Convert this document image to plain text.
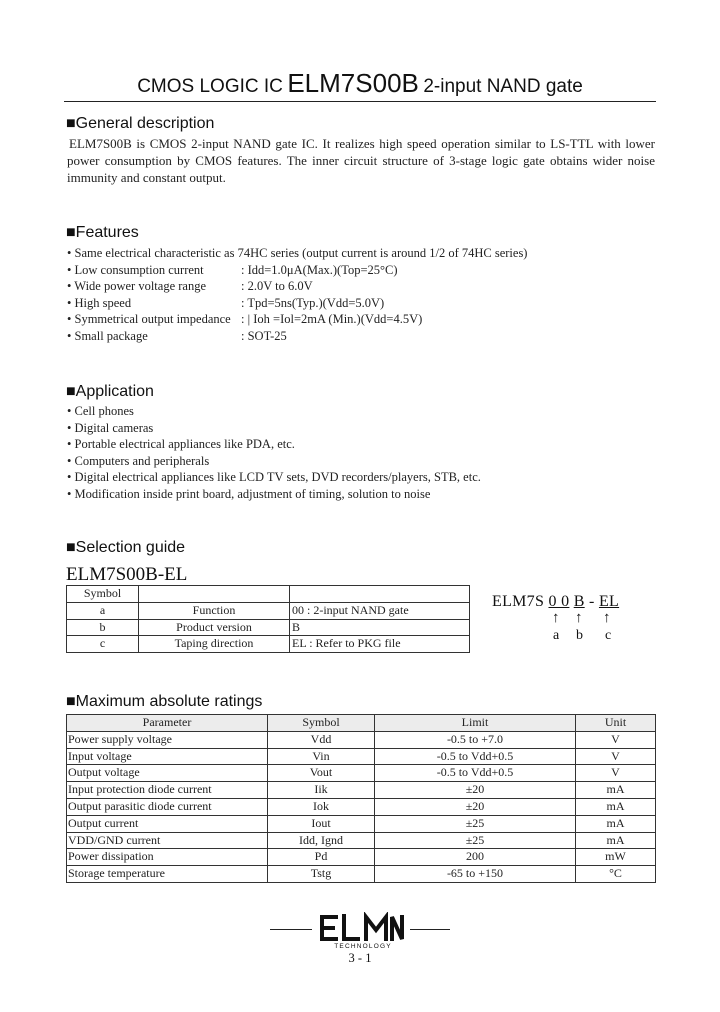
CMOS LOGIC IC ELM7S00B 2-input NAND gate
■General description
ELM7S00B is CMOS 2-input NAND gate IC. It realizes high speed operation similar to LS-TTL with lower power consumption by CMOS features. The inner circuit structure of 3-stage logic gate obtains wider noise immunity and constant output.
■Features
• Same electrical characteristic as 74HC series (output current is around 1/2 of 74HC series)
• Low consumption current	: Idd=1.0μA(Max.)(Top=25°C)
• Wide power voltage range	: 2.0V to 6.0V
• High speed	: Tpd=5ns(Typ.)(Vdd=5.0V)
• Symmetrical output impedance : | Ioh =Iol=2mA (Min.)(Vdd=4.5V)
• Small package	: SOT-25
■Application
• Cell phones
• Digital cameras
• Portable electrical appliances like PDA, etc.
• Computers and peripherals
• Digital electrical appliances like LCD TV sets, DVD recorders/players, STB, etc.
• Modification inside print board, adjustment of timing, solution to noise
■Selection guide
ELM7S00B-EL
Symbol		
a	Function	00 : 2-input NAND gate
b	Product version	B
c	Taping direction	EL : Refer to PKG file
ELM7S 0 0 B - EL
↑ ↑ ↑
a b c
■Maximum absolute ratings
Parameter	Symbol	Limit	Unit
Power supply voltage	Vdd	-0.5 to +7.0	V
Input voltage	Vin	-0.5 to Vdd+0.5	V
Output voltage	Vout	-0.5 to Vdd+0.5	V
Input protection diode current	Iik	±20	mA
Output parasitic diode current	Iok	±20	mA
Output current	Iout	±25	mA
VDD/GND current	Idd, Ignd	±25	mA
Power dissipation	Pd	200	mW
Storage temperature	Tstg	-65 to +150	°C
TECHNOLOGY
3 - 1
